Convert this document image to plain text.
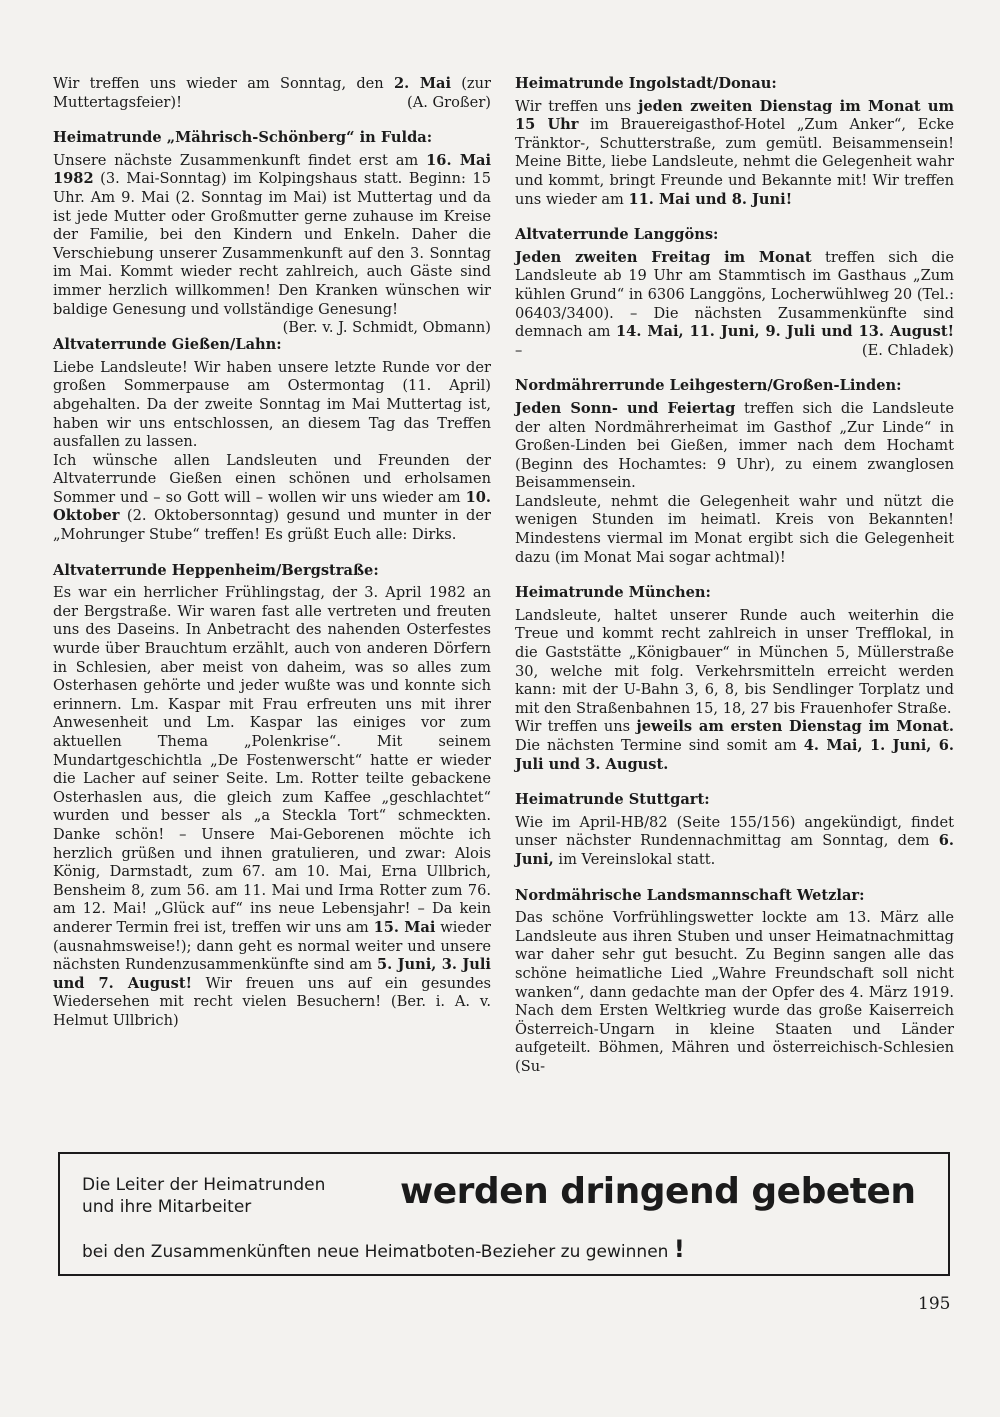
Wir treffen uns wieder am Sonntag, den 2. Mai (zur Muttertagsfeier)!	(A. Großer)

Heimatrunde „Mährisch-Schönberg“ in Fulda:

Unsere nächste Zusammenkunft findet erst am 16. Mai 1982 (3. Mai-Sonntag) im Kolpingshaus statt. Beginn: 15 Uhr. Am 9. Mai (2. Sonntag im Mai) ist Muttertag und da ist jede Mutter oder Großmutter gerne zuhause im Kreise der Familie, bei den Kindern und Enkeln. Daher die Verschiebung unserer Zusammenkunft auf den 3. Sonntag im Mai. Kommt wieder recht zahlreich, auch Gäste sind immer herzlich willkommen! Den Kranken wünschen wir baldige Genesung und vollständige Genesung!
(Ber. v. J. Schmidt, Obmann)

Altvaterrunde Gießen/Lahn:

Liebe Landsleute! Wir haben unsere letzte Runde vor der großen Sommerpause am Ostermontag (11. April) abgehalten. Da der zweite Sonntag im Mai Muttertag ist, haben wir uns entschlossen, an diesem Tag das Treffen ausfallen zu lassen.

Ich wünsche allen Landsleuten und Freunden der Altvaterrunde Gießen einen schönen und erholsamen Sommer und – so Gott will – wollen wir uns wieder am 10. Oktober (2. Oktobersonntag) gesund und munter in der „Mohrunger Stube“ treffen! Es grüßt Euch alle: Dirks.

Altvaterrunde Heppenheim/Bergstraße:

Es war ein herrlicher Frühlingstag, der 3. April 1982 an der Bergstraße. Wir waren fast alle vertreten und freuten uns des Daseins. In Anbetracht des nahenden Osterfestes wurde über Brauchtum erzählt, auch von anderen Dörfern in Schlesien, aber meist von daheim, was so alles zum Osterhasen gehörte und jeder wußte was und konnte sich erinnern. Lm. Kaspar mit Frau erfreuten uns mit ihrer Anwesenheit und Lm. Kaspar las einiges vor zum aktuellen Thema „Polenkrise“. Mit seinem Mundartgeschichtla „De Fostenwerscht“ hatte er wieder die Lacher auf seiner Seite. Lm. Rotter teilte gebackene Osterhaslen aus, die gleich zum Kaffee „geschlachtet“ wurden und besser als „a Steckla Tort“ schmeckten. Danke schön! – Unsere Mai-Geborenen möchte ich herzlich grüßen und ihnen gratulieren, und zwar: Alois König, Darmstadt, zum 67. am 10. Mai, Erna Ullbrich, Bensheim 8, zum 56. am 11. Mai und Irma Rotter zum 76. am 12. Mai! „Glück auf“ ins neue Lebensjahr! – Da kein anderer Termin frei ist, treffen wir uns am 15. Mai wieder (ausnahmsweise!); dann geht es normal weiter und unsere nächsten Rundenzusammenkünfte sind am 5. Juni, 3. Juli und 7. August! Wir freuen uns auf ein gesundes Wiedersehen mit recht vielen Besuchern! (Ber. i. A. v. Helmut Ullbrich)

Heimatrunde Ingolstadt/Donau:

Wir treffen uns jeden zweiten Dienstag im Monat um 15 Uhr im Brauereigasthof-Hotel „Zum Anker“, Ecke Tränktor-, Schutterstraße, zum gemütl. Beisammensein! Meine Bitte, liebe Landsleute, nehmt die Gelegenheit wahr und kommt, bringt Freunde und Bekannte mit! Wir treffen uns wieder am 11. Mai und 8. Juni!

Altvaterrunde Langgöns:

Jeden zweiten Freitag im Monat treffen sich die Landsleute ab 19 Uhr am Stammtisch im Gasthaus „Zum kühlen Grund“ in 6306 Langgöns, Locherwühlweg 20 (Tel.: 06403/3400). – Die nächsten Zusammenkünfte sind demnach am 14. Mai, 11. Juni, 9. Juli und 13. August! –	(E. Chladek)

Nordmährerrunde Leihgestern/Großen-Linden:

Jeden Sonn- und Feiertag treffen sich die Landsleute der alten Nordmährerheimat im Gasthof „Zur Linde“ in Großen-Linden bei Gießen, immer nach dem Hochamt (Beginn des Hochamtes: 9 Uhr), zu einem zwanglosen Beisammensein.

Landsleute, nehmt die Gelegenheit wahr und nützt die wenigen Stunden im heimatl. Kreis von Bekannten! Mindestens viermal im Monat ergibt sich die Gelegenheit dazu (im Monat Mai sogar achtmal)!

Heimatrunde München:

Landsleute, haltet unserer Runde auch weiterhin die Treue und kommt recht zahlreich in unser Trefflokal, in die Gaststätte „Königbauer“ in München 5, Müllerstraße 30, welche mit folg. Verkehrsmitteln erreicht werden kann: mit der U-Bahn 3, 6, 8, bis Sendlinger Torplatz und mit den Straßenbahnen 15, 18, 27 bis Frauenhofer Straße.

Wir treffen uns jeweils am ersten Dienstag im Monat. Die nächsten Termine sind somit am 4. Mai, 1. Juni, 6. Juli und 3. August.

Heimatrunde Stuttgart:

Wie im April-HB/82 (Seite 155/156) angekündigt, findet unser nächster Rundennachmittag am Sonntag, dem 6. Juni, im Vereinslokal statt.

Nordmährische Landsmannschaft Wetzlar:

Das schöne Vorfrühlingswetter lockte am 13. März alle Landsleute aus ihren Stuben und unser Heimatnachmittag war daher sehr gut besucht. Zu Beginn sangen alle das schöne heimatliche Lied „Wahre Freundschaft soll nicht wanken“, dann gedachte man der Opfer des 4. März 1919. Nach dem Ersten Weltkrieg wurde das große Kaiserreich Österreich-Ungarn in kleine Staaten und Länder aufgeteilt. Böhmen, Mähren und österreichisch-Schlesien (Su-

Die Leiter der Heimatrunden
und ihre Mitarbeiter	werden dringend gebeten
bei den Zusammenkünften neue Heimatboten-Bezieher zu gewinnen !
195
